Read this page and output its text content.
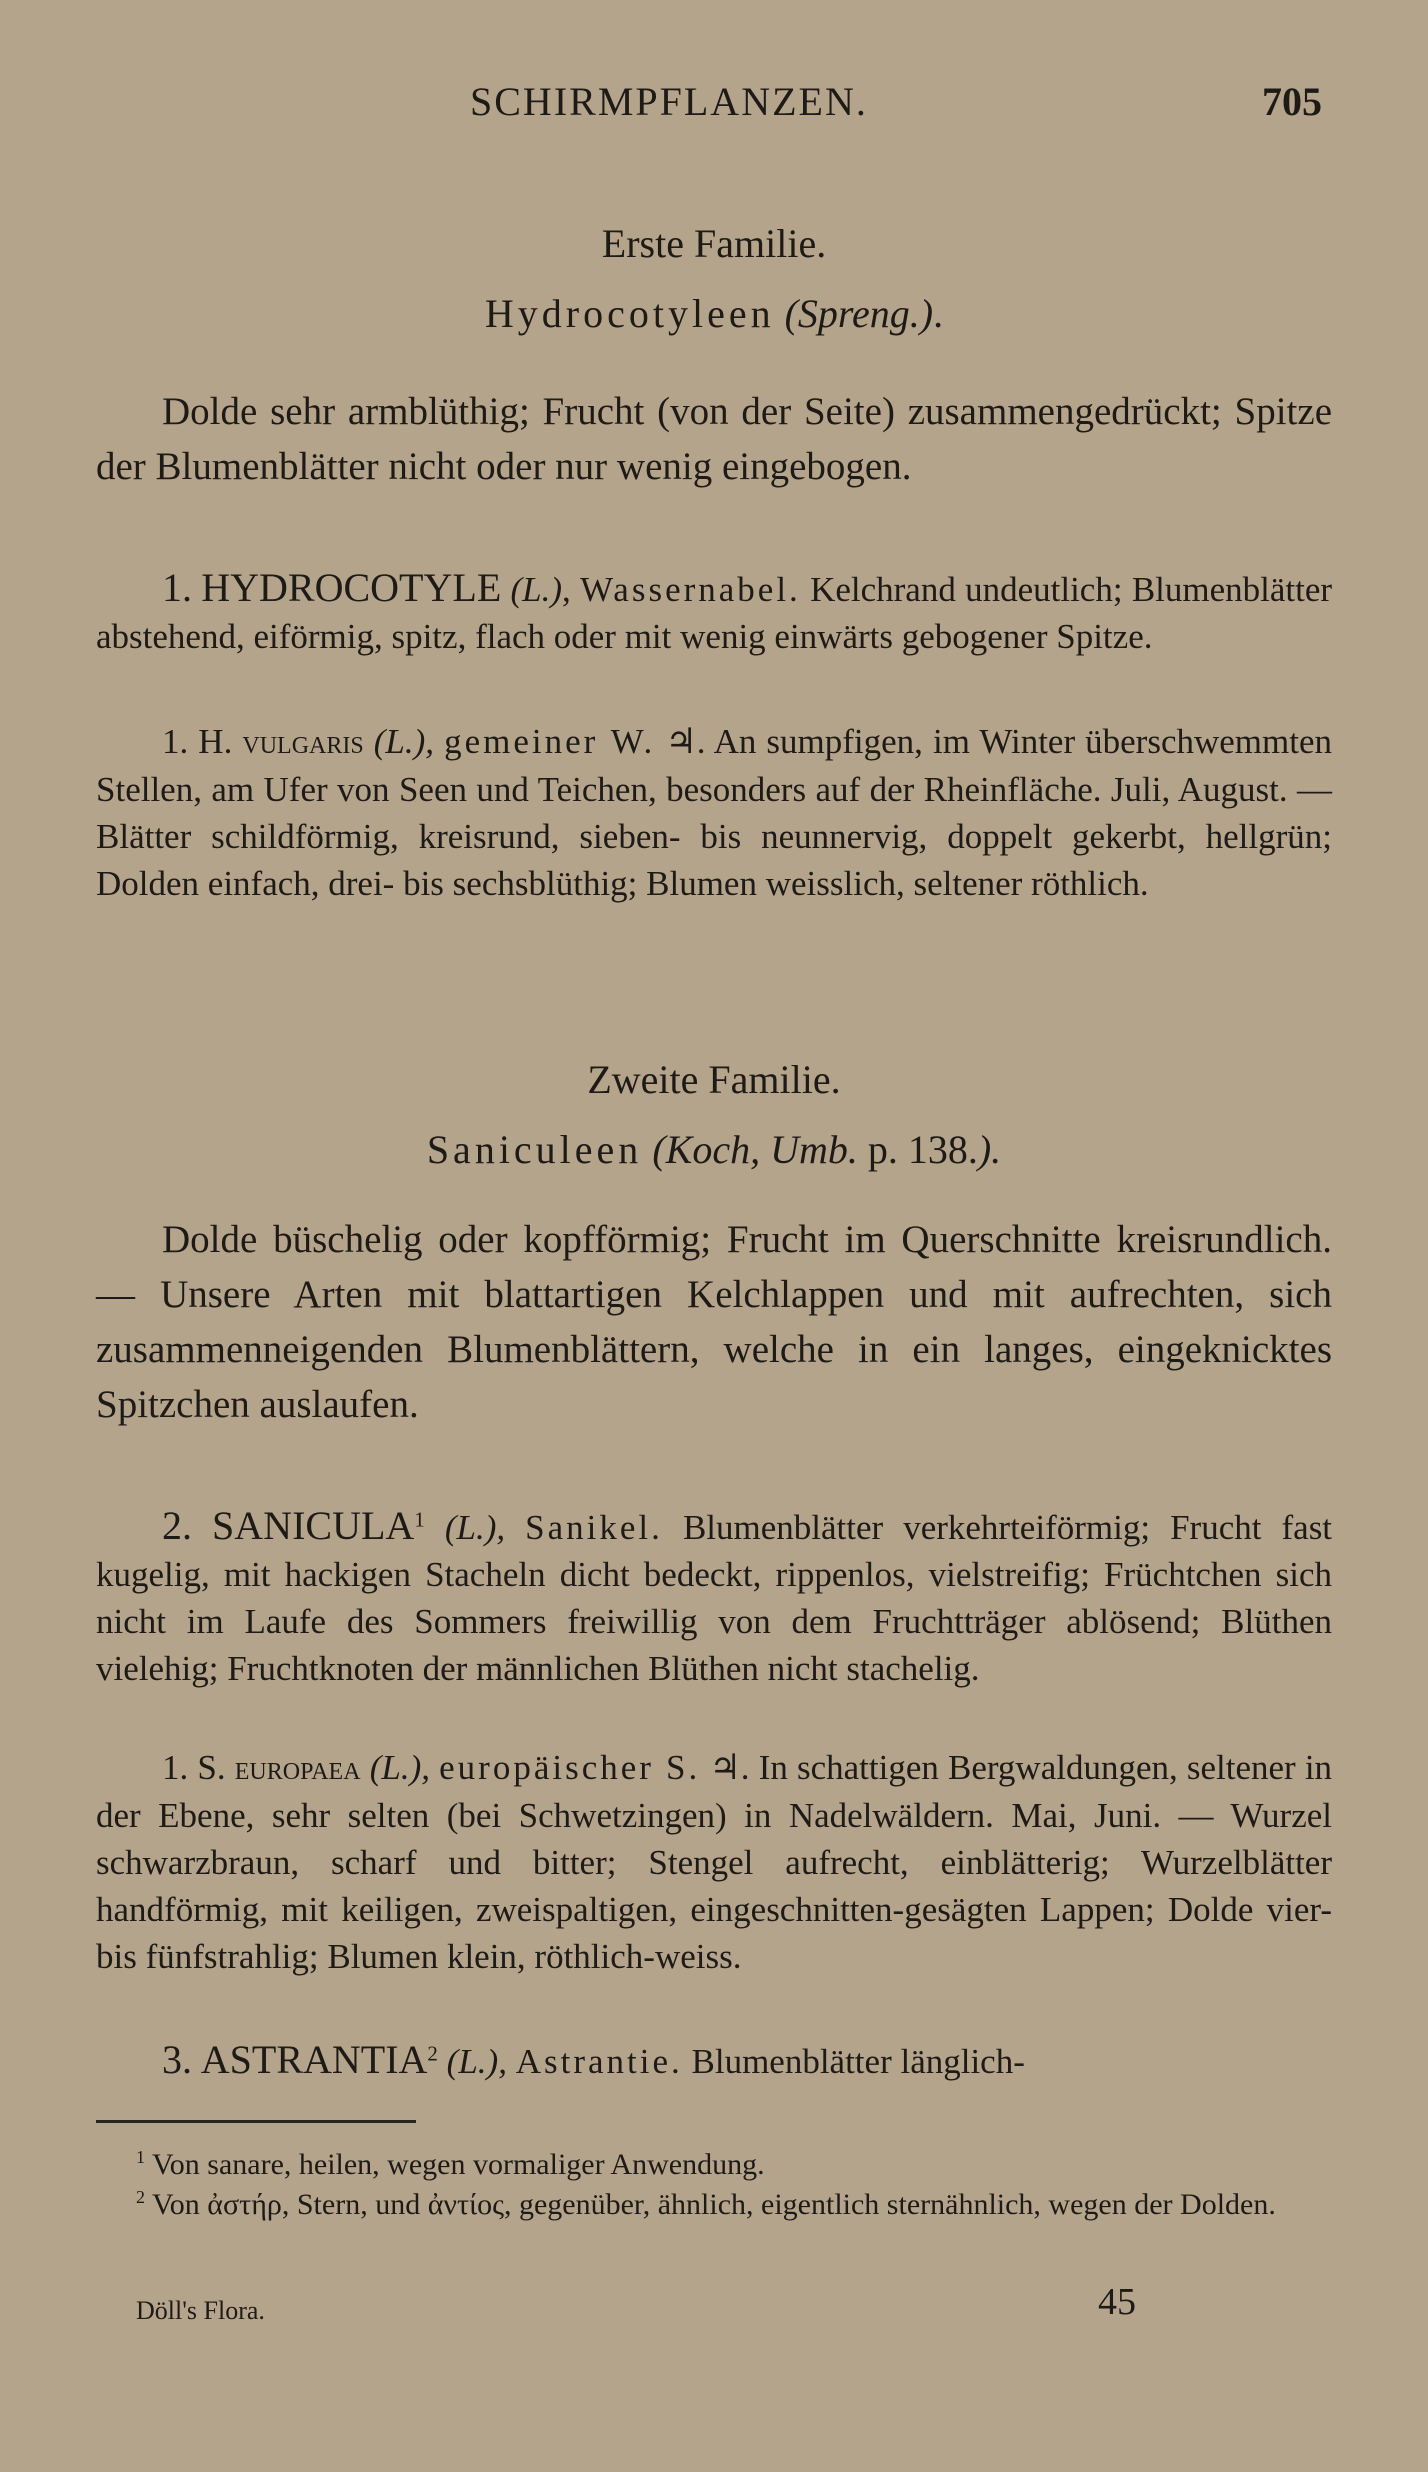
SCHIRMPFLANZEN.	705
Erste Familie.
Hydrocotyleen (Spreng.).

Dolde sehr armblüthig; Frucht (von der Seite) zusammengedrückt; Spitze der Blumenblätter nicht oder nur wenig eingebogen.

1. HYDROCOTYLE (L.), Wassernabel. Kelchrand undeutlich; Blumenblätter abstehend, eiförmig, spitz, flach oder mit wenig einwärts gebogener Spitze.

1. H. vulgaris (L.), gemeiner W. ♃. An sumpfigen, im Winter überschwemmten Stellen, am Ufer von Seen und Teichen, besonders auf der Rheinfläche. Juli, August. — Blätter schildförmig, kreisrund, sieben- bis neunnervig, doppelt gekerbt, hellgrün; Dolden einfach, drei- bis sechsblüthig; Blumen weisslich, seltener röthlich.

Zweite Familie.
Saniculeen (Koch, Umb. p. 138.).

Dolde büschelig oder kopfförmig; Frucht im Querschnitte kreisrundlich. — Unsere Arten mit blattartigen Kelchlappen und mit aufrechten, sich zusammenneigenden Blumenblättern, welche in ein langes, eingeknicktes Spitzchen auslaufen.

2. SANICULA$^1$ (L.), Sanikel. Blumenblätter verkehrteiförmig; Frucht fast kugelig, mit hackigen Stacheln dicht bedeckt, rippenlos, vielstreifig; Früchtchen sich nicht im Laufe des Sommers freiwillig von dem Fruchtträger ablösend; Blüthen vielehig; Fruchtknoten der männlichen Blüthen nicht stachelig.

1. S. europaea (L.), europäischer S. ♃. In schattigen Bergwaldungen, seltener in der Ebene, sehr selten (bei Schwetzingen) in Nadelwäldern. Mai, Juni. — Wurzel schwarzbraun, scharf und bitter; Stengel aufrecht, einblätterig; Wurzelblätter handförmig, mit keiligen, zweispaltigen, eingeschnitten-gesägten Lappen; Dolde vier- bis fünfstrahlig; Blumen klein, röthlich-weiss.

3. ASTRANTIA$^2$ (L.), Astrantie. Blumenblätter länglich-

$^1$ Von sanare, heilen, wegen vormaliger Anwendung.
$^2$ Von ἀστήρ, Stern, und ἀντίος, gegenüber, ähnlich, eigentlich sternähnlich, wegen der Dolden.
Döll's Flora.	45
